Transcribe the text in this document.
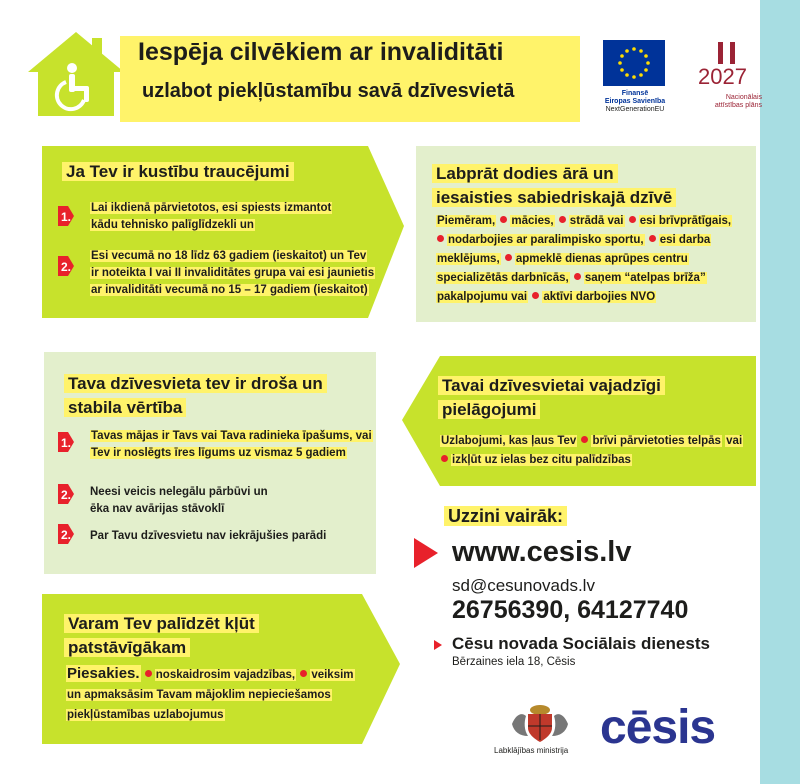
Iespēja cilvēkiem ar invaliditāti
uzlabot piekļūstamību savā dzīvesvietā	Finansē
Eiropas Savienība
NextGenerationEU
2027
Nacionālais
attīstības plāns
Ja Tev ir kustību traucējumi
1.
Lai ikdienā pārvietotos, esi spiests izmantot kādu tehnisko palīglīdzekli un
2.
Esi vecumā no 18 līdz 63 gadiem (ieskaitot) un Tev ir noteikta I vai II invaliditātes grupa vai esi jaunietis ar invaliditāti vecumā no 15 – 17 gadiem (ieskaitot)
Labprāt dodies ārā un
iesaisties sabiedriskajā dzīvē
Piemēram, mācies, strādā vai esi brīvprātīgais, nodarbojies ar paralimpisko sportu, esi darba meklējums, apmeklē dienas aprūpes centru specializētās darbnīcās, saņem “atelpas brīža” pakalpojumu vai aktīvi darbojies NVO
Tava dzīvesvieta tev ir droša un
stabila vērtība
1. Tavas mājas ir Tavs vai Tava radinieka īpašums, vai Tev ir noslēgts īres līgums uz vismaz 5 gadiem
2. Neesi veicis nelegālu pārbūvi un ēka nav avārijas stāvoklī
2. Par Tavu dzīvesvietu nav iekrājušies parādi
Tavai dzīvesvietai vajadzīgi
pielāgojumi
Uzlabojumi, kas ļaus Tev brīvi pārvietoties telpās vai izkļūt uz ielas bez citu palīdzības
Varam Tev palīdzēt kļūt
patstāvīgākam
Piesakies. noskaidrosim vajadzības, veiksim un apmaksāsim Tavam mājoklim nepieciešamos piekļūstamības uzlabojumus
Uzzini vairāk:
www.cesis.lv
sd@cesunovads.lv
26756390, 64127740
Cēsu novada Sociālais dienests
Bērzaines iela 18, Cēsis
Labklājības ministrija cēsis
